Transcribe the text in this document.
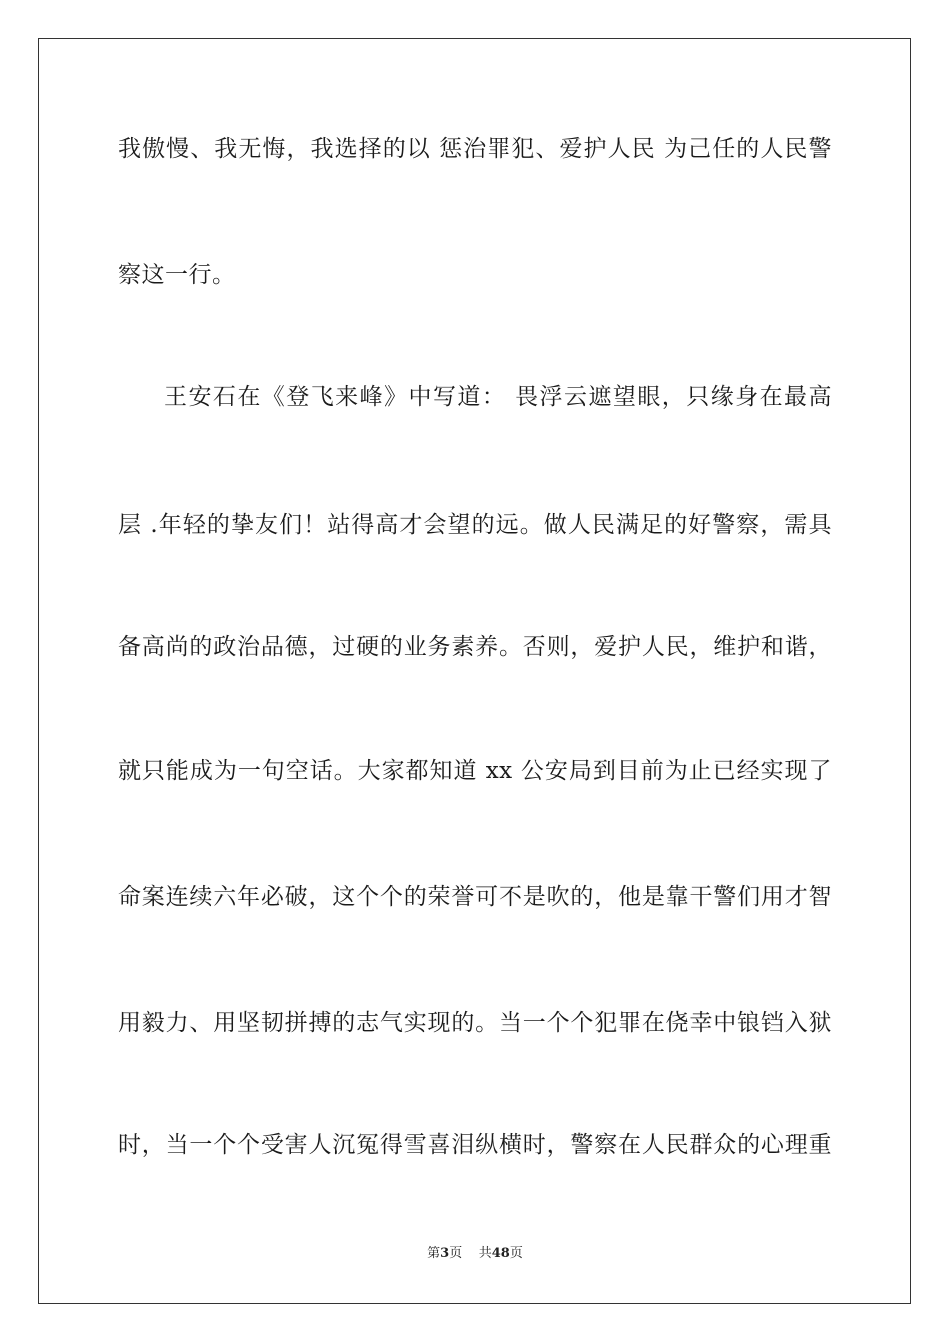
我傲慢、我无悔，我选择的以 惩治罪犯、爱护人民 为己任的人民警
察这一行。
王安石在《登飞来峰》中写道： 畏浮云遮望眼，只缘身在最高
层 .年轻的挚友们！站得高才会望的远。做人民满足的好警察，需具
备高尚的政治品德，过硬的业务素养。否则，爱护人民，维护和谐，
就只能成为一句空话。大家都知道 xx 公安局到目前为止已经实现了
命案连续六年必破，这个个的荣誉可不是吹的，他是靠干警们用才智
用毅力、用坚韧拼搏的志气实现的。当一个个犯罪在侥幸中锒铛入狱
时，当一个个受害人沉冤得雪喜泪纵横时，警察在人民群众的心理重
第3页 共48页
